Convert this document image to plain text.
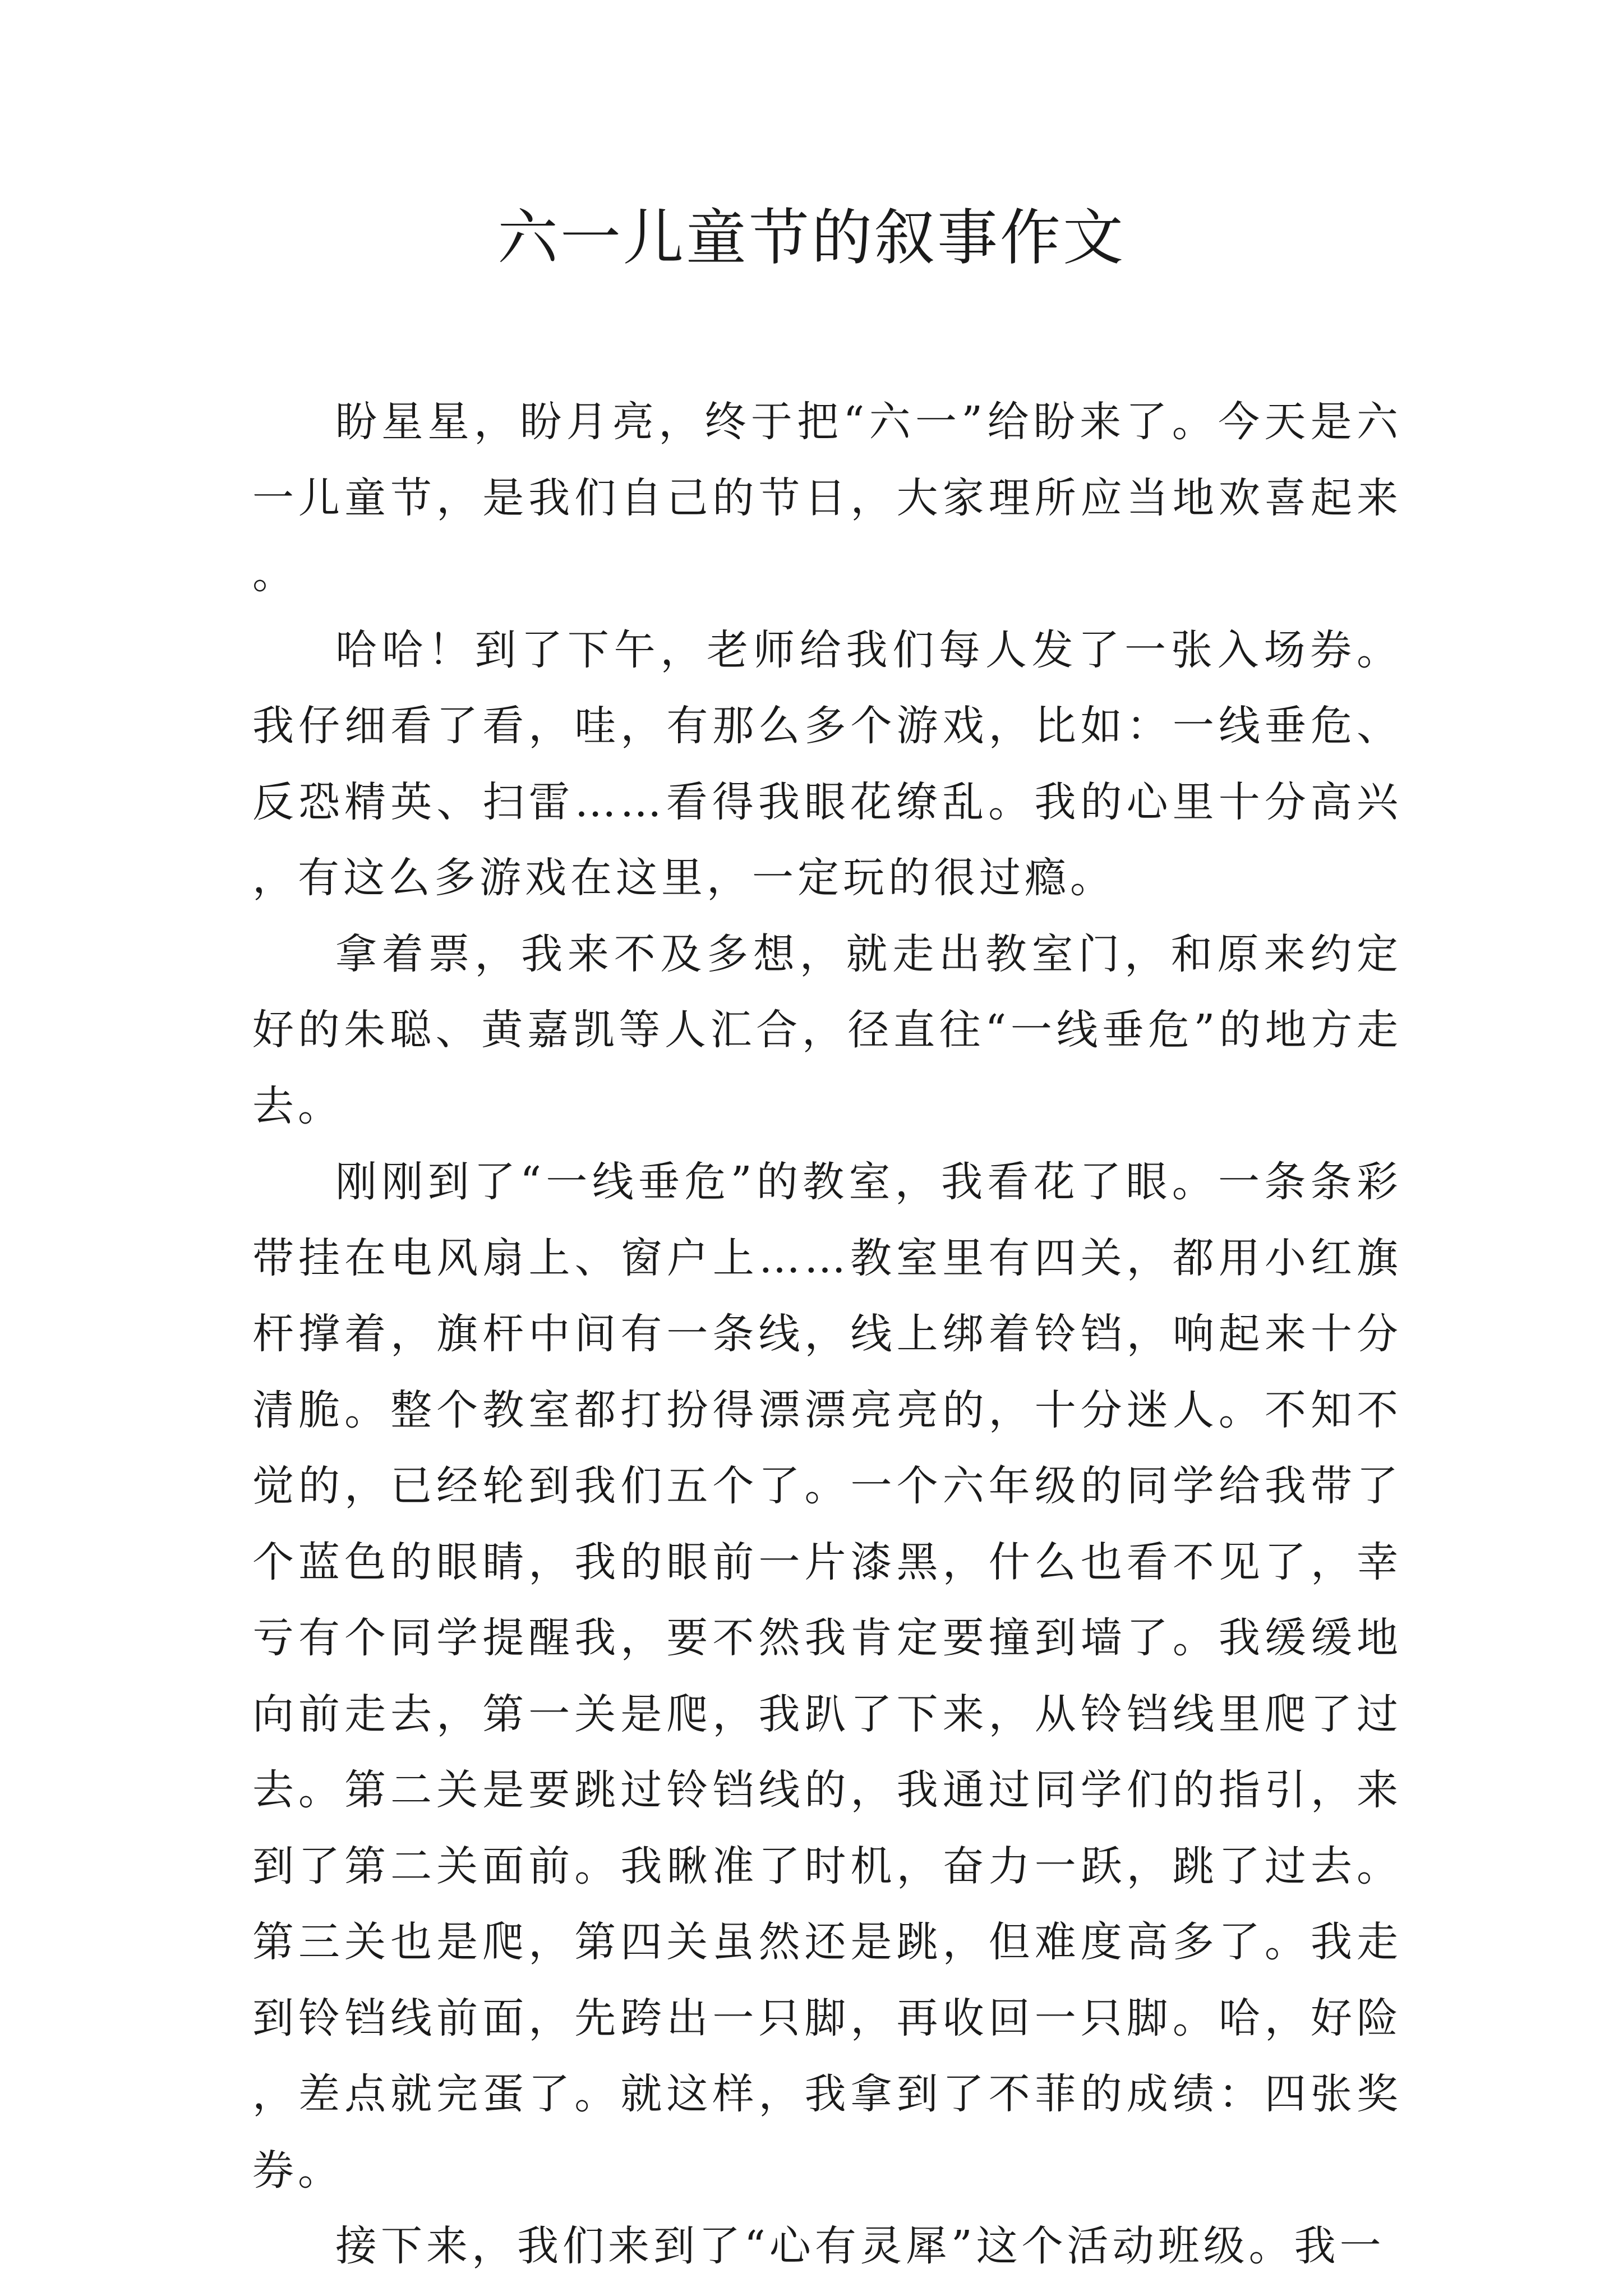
六一儿童节的叙事作文

盼星星，盼月亮，终于把“六一”给盼来了。今天是六一儿童节，是我们自己的节日，大家理所应当地欢喜起来。

哈哈！到了下午，老师给我们每人发了一张入场券。我仔细看了看，哇，有那么多个游戏，比如：一线垂危、反恐精英、扫雷……看得我眼花缭乱。我的心里十分高兴，有这么多游戏在这里，一定玩的很过瘾。

拿着票，我来不及多想，就走出教室门，和原来约定好的朱聪、黄嘉凯等人汇合，径直往“一线垂危”的地方走去。

刚刚到了“一线垂危”的教室，我看花了眼。一条条彩带挂在电风扇上、窗户上……教室里有四关，都用小红旗杆撑着，旗杆中间有一条线，线上绑着铃铛，响起来十分清脆。整个教室都打扮得漂漂亮亮的，十分迷人。不知不觉的，已经轮到我们五个了。一个六年级的同学给我带了个蓝色的眼睛，我的眼前一片漆黑，什么也看不见了，幸亏有个同学提醒我，要不然我肯定要撞到墙了。我缓缓地向前走去，第一关是爬，我趴了下来，从铃铛线里爬了过去。第二关是要跳过铃铛线的，我通过同学们的指引，来到了第二关面前。我瞅准了时机，奋力一跃，跳了过去。第三关也是爬，第四关虽然还是跳，但难度高多了。我走到铃铛线前面，先跨出一只脚，再收回一只脚。哈，好险，差点就完蛋了。就这样，我拿到了不菲的成绩：四张奖券。

接下来，我们来到了“心有灵犀”这个活动班级。我一
